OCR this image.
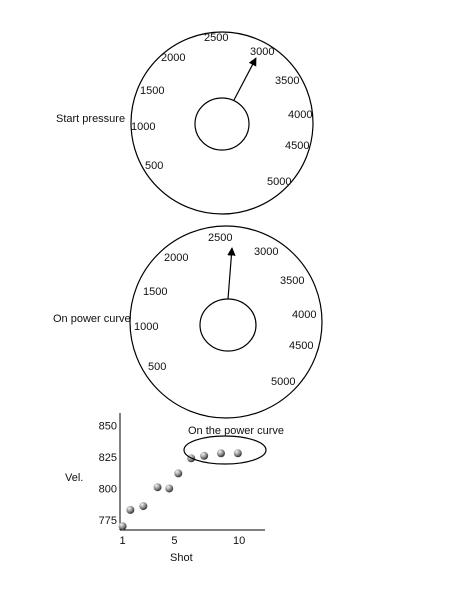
Start pressure
500
1000
1500
2000
2500
3000
3500
4000
4500
5000
On power curve
500
1000
1500
2000
2500
3000
3500
4000
4500
5000
Vel.
Shot
775
800
825
850
1	5	10
On the power curve
